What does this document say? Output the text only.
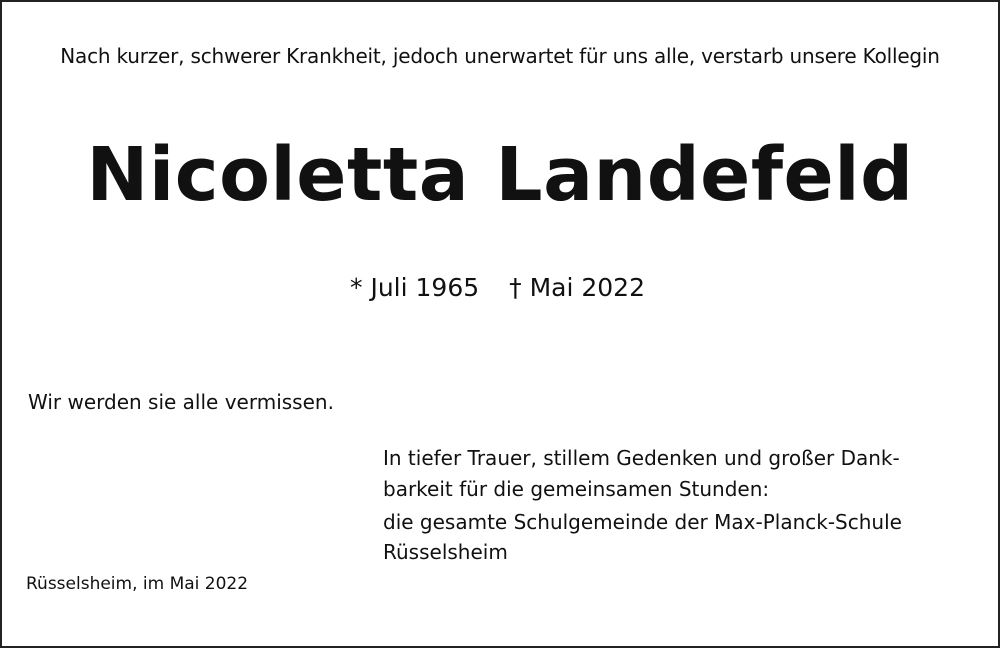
Nach kurzer, schwerer Krankheit, jedoch unerwartet für uns alle, verstarb unsere Kollegin
Nicoletta Landefeld
* Juli 1965 † Mai 2022
Wir werden sie alle vermissen.
In tiefer Trauer, stillem Gedenken und großer Dank-
barkeit für die gemeinsamen Stunden:
die gesamte Schulgemeinde der Max-Planck-Schule
Rüsselsheim
Rüsselsheim, im Mai 2022
